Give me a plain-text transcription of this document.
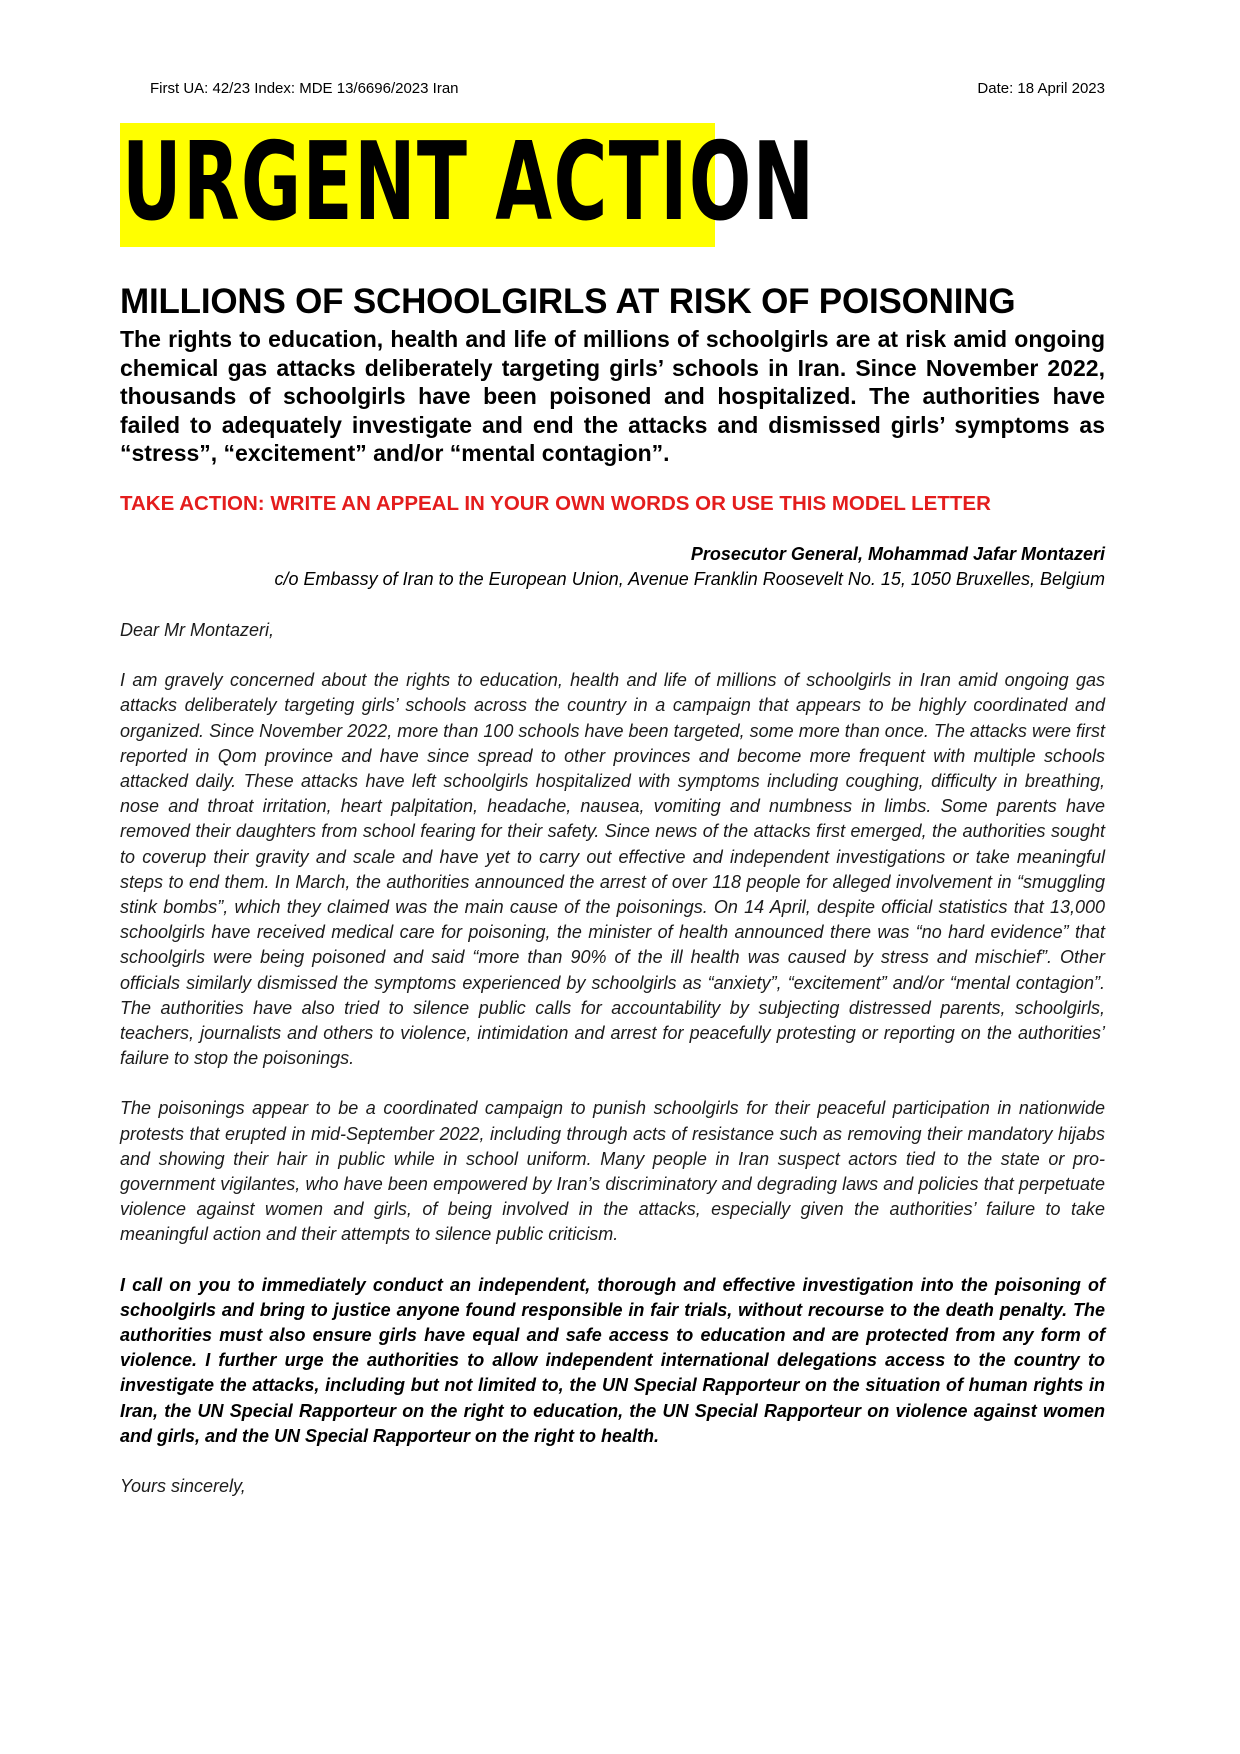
First UA: 42/23 Index: MDE 13/6696/2023 Iran	Date: 18 April 2023
URGENT ACTION
MILLIONS OF SCHOOLGIRLS AT RISK OF POISONING

The rights to education, health and life of millions of schoolgirls are at risk amid ongoing chemical gas attacks deliberately targeting girls’ schools in Iran. Since November 2022, thousands of schoolgirls have been poisoned and hospitalized. The authorities have failed to adequately investigate and end the attacks and dismissed girls’ symptoms as “stress”, “excitement” and/or “mental contagion”.

TAKE ACTION: WRITE AN APPEAL IN YOUR OWN WORDS OR USE THIS MODEL LETTER
Prosecutor General, Mohammad Jafar Montazeri
c/o Embassy of Iran to the European Union, Avenue Franklin Roosevelt No. 15, 1050 Bruxelles, Belgium

Dear Mr Montazeri,

I am gravely concerned about the rights to education, health and life of millions of schoolgirls in Iran amid ongoing gas attacks deliberately targeting girls’ schools across the country in a campaign that appears to be highly coordinated and organized. Since November 2022, more than 100 schools have been targeted, some more than once. The attacks were first reported in Qom province and have since spread to other provinces and become more frequent with multiple schools attacked daily. These attacks have left schoolgirls hospitalized with symptoms including coughing, difficulty in breathing, nose and throat irritation, heart palpitation, headache, nausea, vomiting and numbness in limbs. Some parents have removed their daughters from school fearing for their safety. Since news of the attacks first emerged, the authorities sought to coverup their gravity and scale and have yet to carry out effective and independent investigations or take meaningful steps to end them. In March, the authorities announced the arrest of over 118 people for alleged involvement in “smuggling stink bombs”, which they claimed was the main cause of the poisonings. On 14 April, despite official statistics that 13,000 schoolgirls have received medical care for poisoning, the minister of health announced there was “no hard evidence” that schoolgirls were being poisoned and said “more than 90% of the ill health was caused by stress and mischief”. Other officials similarly dismissed the symptoms experienced by schoolgirls as “anxiety”, “excitement” and/or “mental contagion”. The authorities have also tried to silence public calls for accountability by subjecting distressed parents, schoolgirls, teachers, journalists and others to violence, intimidation and arrest for peacefully protesting or reporting on the authorities’ failure to stop the poisonings.

The poisonings appear to be a coordinated campaign to punish schoolgirls for their peaceful participation in nationwide protests that erupted in mid-September 2022, including through acts of resistance such as removing their mandatory hijabs and showing their hair in public while in school uniform. Many people in Iran suspect actors tied to the state or pro-government vigilantes, who have been empowered by Iran’s discriminatory and degrading laws and policies that perpetuate violence against women and girls, of being involved in the attacks, especially given the authorities’ failure to take meaningful action and their attempts to silence public criticism.

I call on you to immediately conduct an independent, thorough and effective investigation into the poisoning of schoolgirls and bring to justice anyone found responsible in fair trials, without recourse to the death penalty. The authorities must also ensure girls have equal and safe access to education and are protected from any form of violence. I further urge the authorities to allow independent international delegations access to the country to investigate the attacks, including but not limited to, the UN Special Rapporteur on the situation of human rights in Iran, the UN Special Rapporteur on the right to education, the UN Special Rapporteur on violence against women and girls, and the UN Special Rapporteur on the right to health.

Yours sincerely,
